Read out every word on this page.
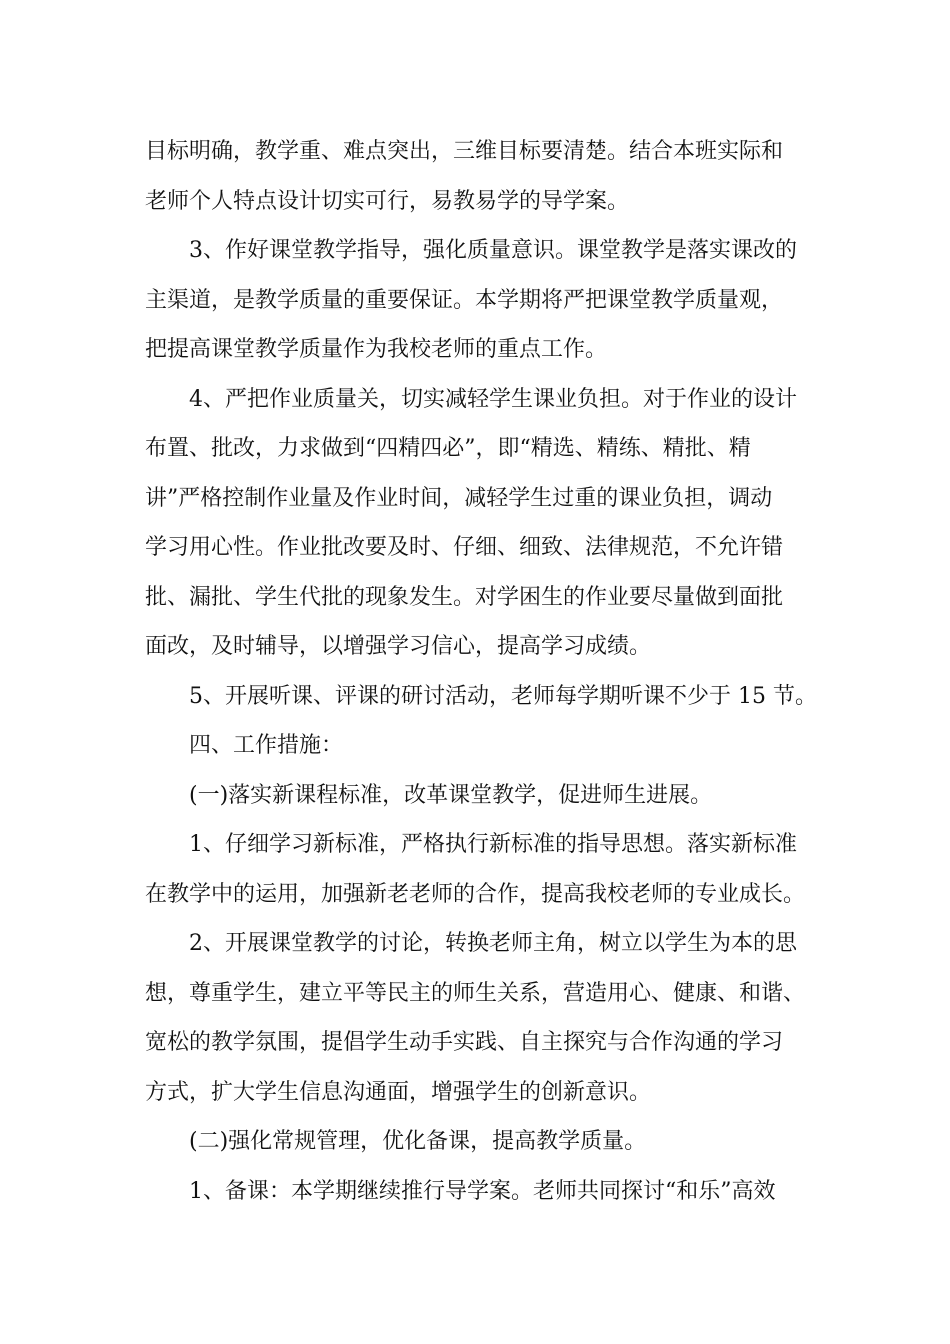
目标明确，教学重、难点突出，三维目标要清楚。结合本班实际和
老师个人特点设计切实可行，易教易学的导学案。
3、作好课堂教学指导，强化质量意识。课堂教学是落实课改的
主渠道，是教学质量的重要保证。本学期将严把课堂教学质量观，
把提高课堂教学质量作为我校老师的重点工作。
4、严把作业质量关，切实减轻学生课业负担。对于作业的设计
布置、批改，力求做到“四精四必”，即“精选、精练、精批、精
讲”严格控制作业量及作业时间，减轻学生过重的课业负担，调动
学习用心性。作业批改要及时、仔细、细致、法律规范，不允许错
批、漏批、学生代批的现象发生。对学困生的作业要尽量做到面批
面改，及时辅导，以增强学习信心，提高学习成绩。
5、开展听课、评课的研讨活动，老师每学期听课不少于 15 节。
四、工作措施：
(一)落实新课程标准，改革课堂教学，促进师生进展。
1、仔细学习新标准，严格执行新标准的指导思想。落实新标准
在教学中的运用，加强新老老师的合作，提高我校老师的专业成长。
2、开展课堂教学的讨论，转换老师主角，树立以学生为本的思
想，尊重学生，建立平等民主的师生关系，营造用心、健康、和谐、
宽松的教学氛围，提倡学生动手实践、自主探究与合作沟通的学习
方式，扩大学生信息沟通面，增强学生的创新意识。
(二)强化常规管理，优化备课，提高教学质量。
1、备课：本学期继续推行导学案。老师共同探讨“和乐”高效
